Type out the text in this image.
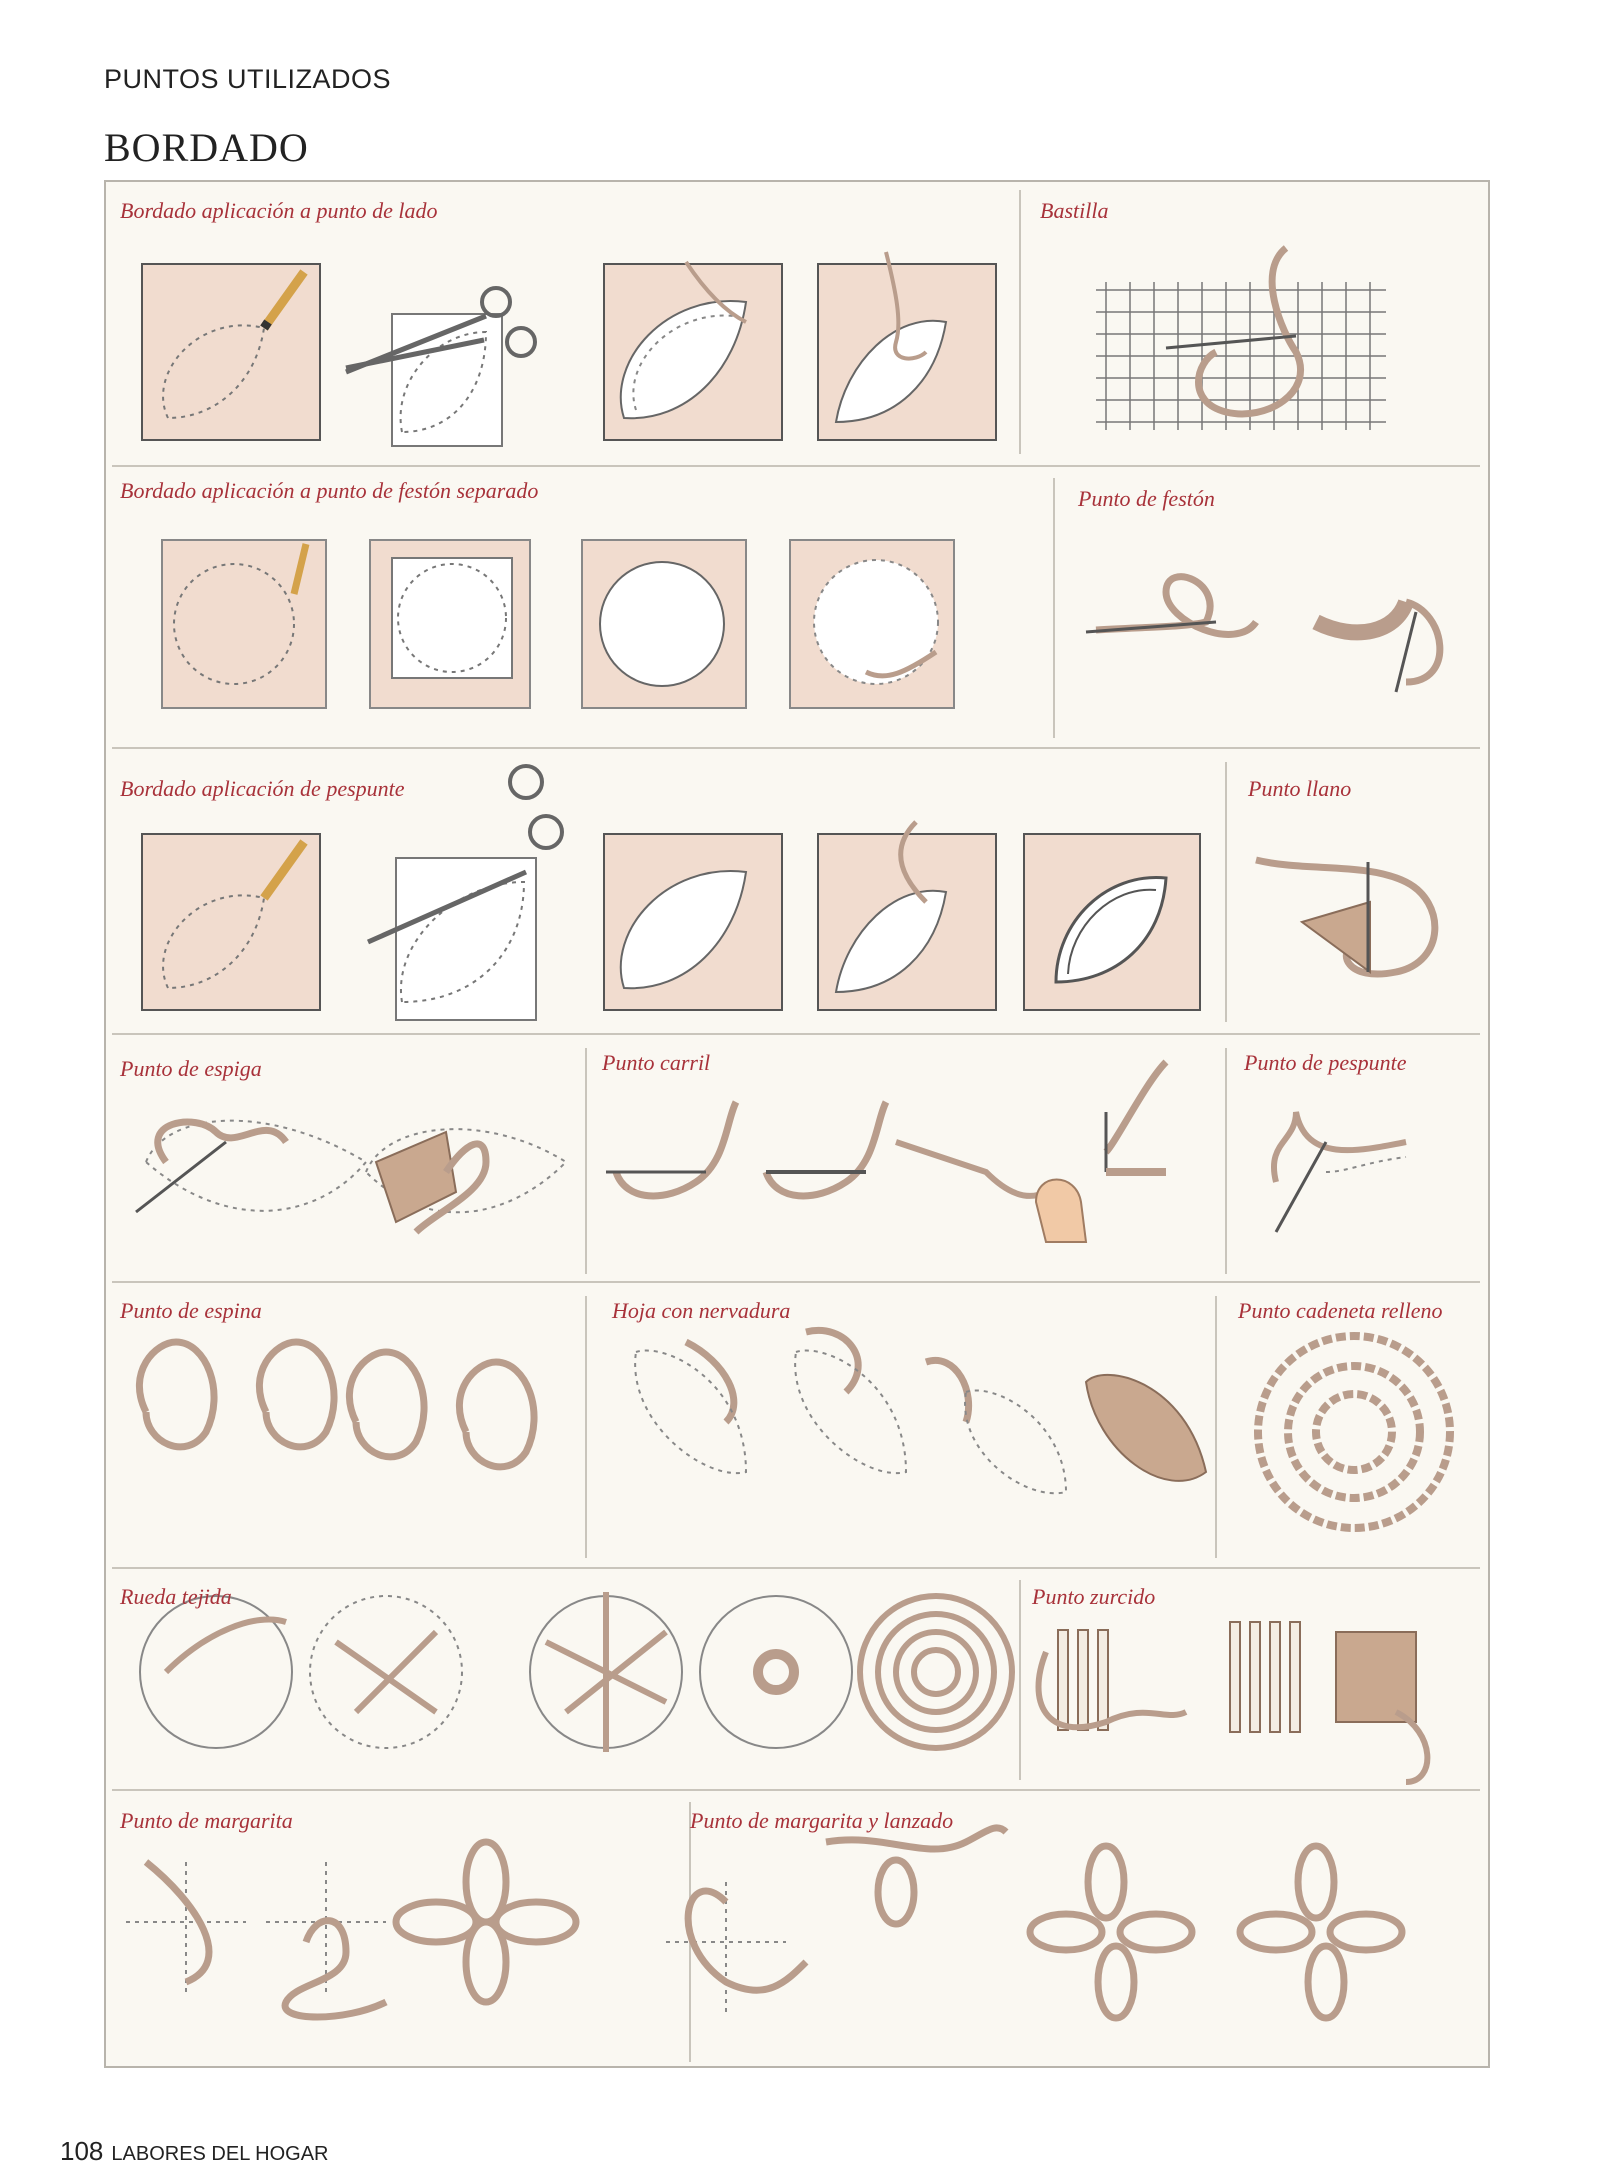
PUNTOS UTILIZADOS
BORDADO
Bordado aplicación a punto de lado	Bastilla
Bordado aplicación a punto de festón separado	Punto de festón
Bordado aplicación de pespunte	Punto llano
Punto de espiga	Punto carril	Punto de pespunte
Punto de espina	Hoja con nervadura	Punto cadeneta relleno
Rueda tejida	Punto zurcido
Punto de margarita	Punto de margarita y lanzado
108 LABORES DEL HOGAR
